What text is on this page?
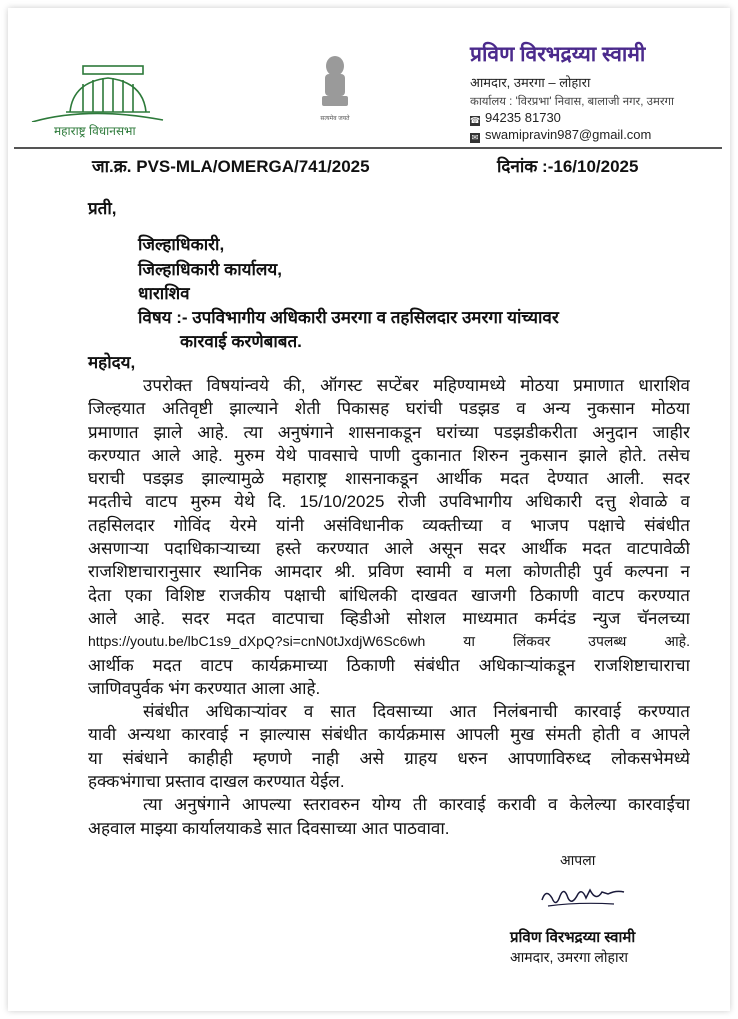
महाराष्ट्र विधानसभा
सत्यमेव जयते
प्रविण विरभद्रय्या स्वामी
आमदार, उमरगा – लोहारा
कार्यालय : 'विरप्रभा' निवास, बालाजी नगर, उमरगा
☎ 94235 81730
✉ swamipravin987@gmail.com
जा.क्र. PVS-MLA/OMERGA/741/2025	दिनांक :-16/10/2025
प्रती,
जिल्हाधिकारी,
जिल्हाधिकारी कार्यालय,
धाराशिव
विषय :- उपविभागीय अधिकारी उमरगा व तहसिलदार उमरगा यांच्यावर
कारवाई करणेबाबत.
महोदय,
उपरोक्त विषयांन्वये की, ऑगस्ट सप्टेंबर महिण्यामध्ये मोठया प्रमाणात धाराशिव
जिल्हयात अतिवृष्टी झाल्याने शेती पिकासह घरांची पडझड व अन्य नुकसान मोठया
प्रमाणात झाले आहे. त्या अनुषंगाने शासनाकडून घरांच्या पडझडीकरीता अनुदान जाहीर
करण्यात आले आहे. मुरुम येथे पावसाचे पाणी दुकानात शिरुन नुकसान झाले होते. तसेच
घराची पडझड झाल्यामुळे महाराष्ट्र शासनाकडून आर्थीक मदत देण्यात आली. सदर
मदतीचे वाटप मुरुम येथे दि. 15/10/2025 रोजी उपविभागीय अधिकारी दत्तु शेवाळे व
तहसिलदार गोविंद येरमे यांनी असंविधानीक व्यक्तीच्या व भाजप पक्षाचे संबंधीत
असणाऱ्या पदाधिकाऱ्याच्या हस्ते करण्यात आले असून सदर आर्थीक मदत वाटपावेळी
राजशिष्टाचारानुसार स्थानिक आमदार श्री. प्रविण स्वामी व मला कोणतीही पुर्व कल्पना न
देता एका विशिष्ट राजकीय पक्षाची बांधिलकी दाखवत खाजगी ठिकाणी वाटप करण्यात
आले आहे. सदर मदत वाटपाचा व्हिडीओ सोशल माध्यमात कर्मदंड न्युज चॅनलच्या
https://youtu.be/lbC1s9_dXpQ?si=cnN0tJxdjW6Sc6wh या लिंकवर उपलब्ध आहे.
आर्थीक मदत वाटप कार्यक्रमाच्या ठिकाणी संबंधीत अधिकाऱ्यांकडून राजशिष्टाचाराचा
जाणिवपुर्वक भंग करण्यात आला आहे.
संबंधीत अधिकाऱ्यांवर व सात दिवसाच्या आत निलंबनाची कारवाई करण्यात
यावी अन्यथा कारवाई न झाल्यास संबंधीत कार्यक्रमास आपली मुख संमती होती व आपले
या संबंधाने काहीही म्हणणे नाही असे ग्राहय धरुन आपणाविरुध्द लोकसभेमध्ये
हक्कभंगाचा प्रस्ताव दाखल करण्यात येईल.
त्या अनुषंगाने आपल्या स्तरावरुन योग्य ती कारवाई करावी व केलेल्या कारवाईचा
अहवाल माझ्या कार्यालयाकडे सात दिवसाच्या आत पाठवावा.
आपला
प्रविण विरभद्रय्या स्वामी
आमदार, उमरगा लोहारा
